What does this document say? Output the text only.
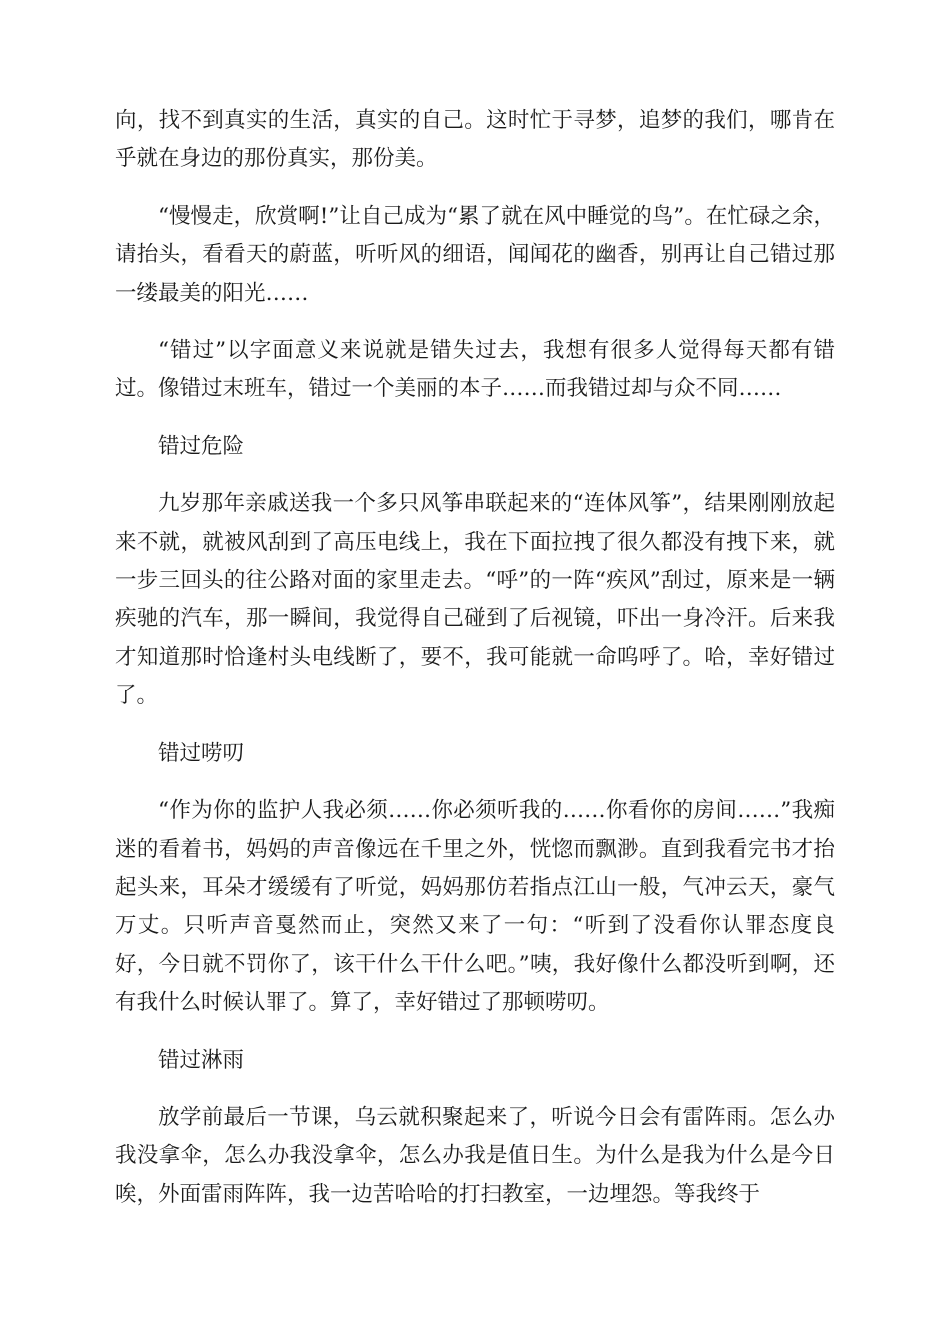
向，找不到真实的生活，真实的自己。这时忙于寻梦，追梦的我们，哪肯在乎就在身边的那份真实，那份美。

“慢慢走，欣赏啊!”让自己成为“累了就在风中睡觉的鸟”。在忙碌之余，请抬头，看看天的蔚蓝，听听风的细语，闻闻花的幽香，别再让自己错过那一缕最美的阳光……

“错过”以字面意义来说就是错失过去，我想有很多人觉得每天都有错过。像错过末班车，错过一个美丽的本子……而我错过却与众不同……

错过危险

九岁那年亲戚送我一个多只风筝串联起来的“连体风筝”，结果刚刚放起来不就，就被风刮到了高压电线上，我在下面拉拽了很久都没有拽下来，就一步三回头的往公路对面的家里走去。“呼”的一阵“疾风”刮过，原来是一辆疾驰的汽车，那一瞬间，我觉得自己碰到了后视镜，吓出一身冷汗。后来我才知道那时恰逢村头电线断了，要不，我可能就一命呜呼了。哈，幸好错过了。

错过唠叨

“作为你的监护人我必须……你必须听我的……你看你的房间……”我痴迷的看着书，妈妈的声音像远在千里之外，恍惚而飘渺。直到我看完书才抬起头来，耳朵才缓缓有了听觉，妈妈那仿若指点江山一般，气冲云天，豪气万丈。只听声音戛然而止，突然又来了一句：“听到了没看你认罪态度良好，今日就不罚你了，该干什么干什么吧。”咦，我好像什么都没听到啊，还有我什么时候认罪了。算了，幸好错过了那顿唠叨。

错过淋雨

放学前最后一节课，乌云就积聚起来了，听说今日会有雷阵雨。怎么办我没拿伞，怎么办我没拿伞，怎么办我是值日生。为什么是我为什么是今日唉，外面雷雨阵阵，我一边苦哈哈的打扫教室，一边埋怨。等我终于
